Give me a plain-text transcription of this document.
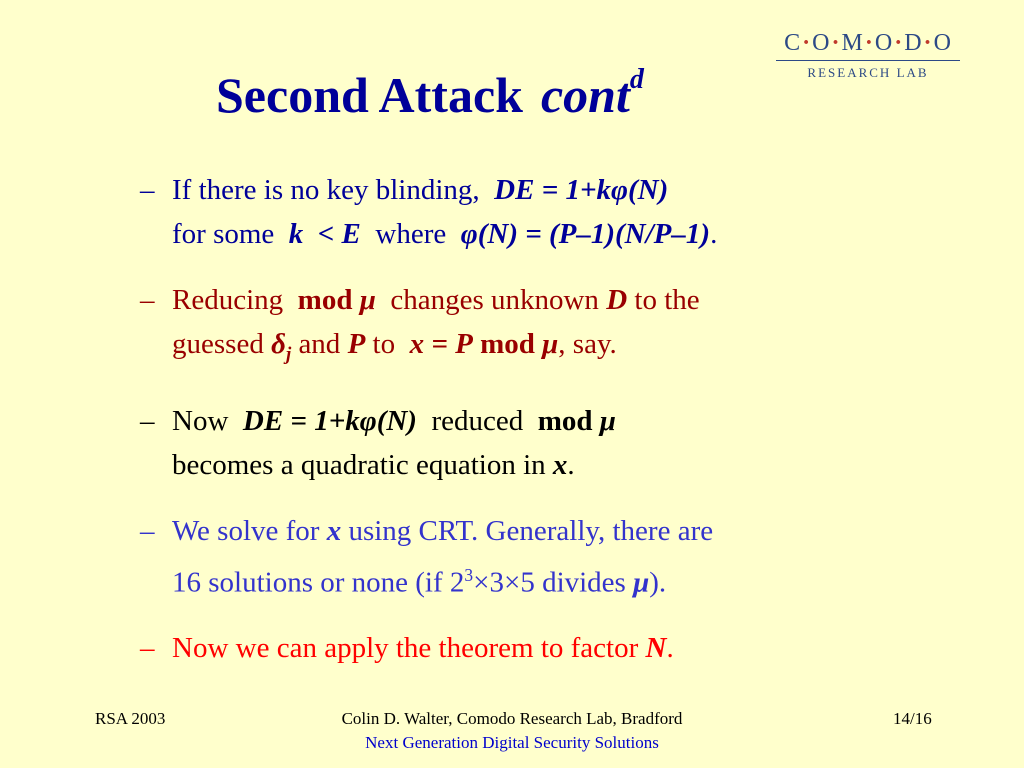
C·O·M·O·D·O
RESEARCH LAB
Second Attack cont$^d$
– If there is no key blinding, DE = 1+kφ(N)
for some k < E where φ(N) = (P–1)(N/P–1).
– Reducing mod μ changes unknown D to the
guessed $\delta_j$ and P to x = P mod μ, say.
– Now DE = 1+kφ(N) reduced mod μ
becomes a quadratic equation in x.
– We solve for x using CRT. Generally, there are
16 solutions or none (if $2^3\times 3\times 5$ divides μ).
– Now we can apply the theorem to factor N.
RSA 2003	Colin D. Walter, Comodo Research Lab, Bradford
Next Generation Digital Security Solutions
14/16
